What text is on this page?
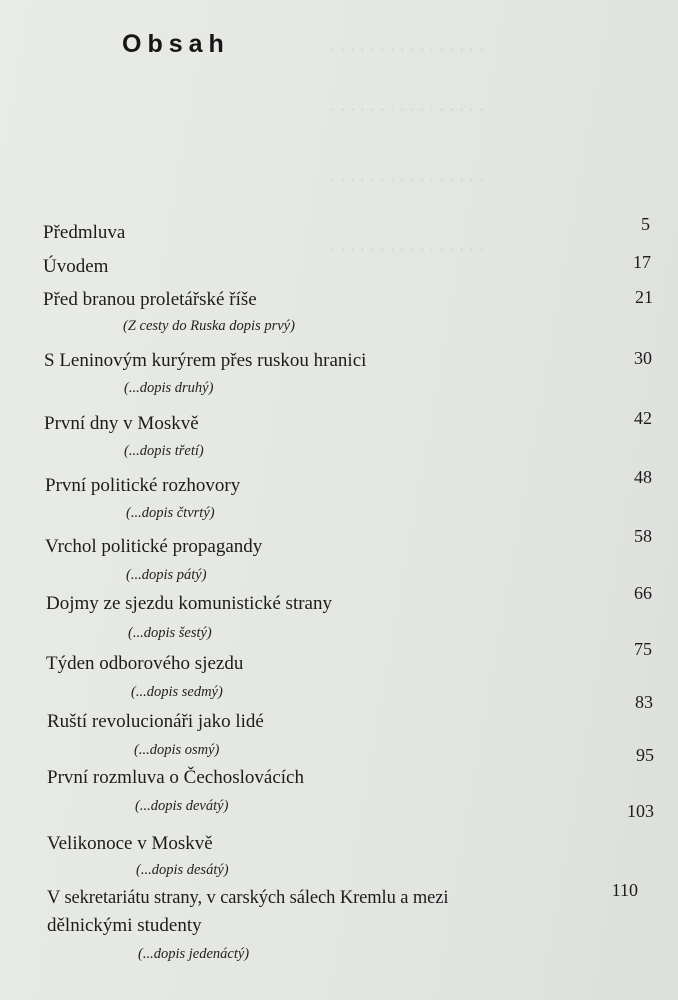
· · · · · · · · · · · · · · · ·
· · · · · · · · · · · · · · · ·
· · · · · · · · · · · · · · · ·
· · · · · · · · · · · · · · · ·
Obsah
Předmluva	5
Úvodem	17
Před branou proletářské říše
(Z cesty do Ruska dopis prvý)
21
S Leninovým kurýrem přes ruskou hranici
(...dopis druhý)
30
První dny v Moskvě
(...dopis třetí)
42
První politické rozhovory
(...dopis čtvrtý)
48
Vrchol politické propagandy
(...dopis pátý)
58
Dojmy ze sjezdu komunistické strany
(...dopis šestý)
66
Týden odborového sjezdu
(...dopis sedmý)
75
Ruští revolucionáři jako lidé
(...dopis osmý)
83
První rozmluva o Čechoslovácích
(...dopis devátý)
95
Velikonoce v Moskvě
(...dopis desátý)
103
V sekretariátu strany, v carských sálech Kremlu a mezi
dělnickými studenty
(...dopis jedenáctý)
110
